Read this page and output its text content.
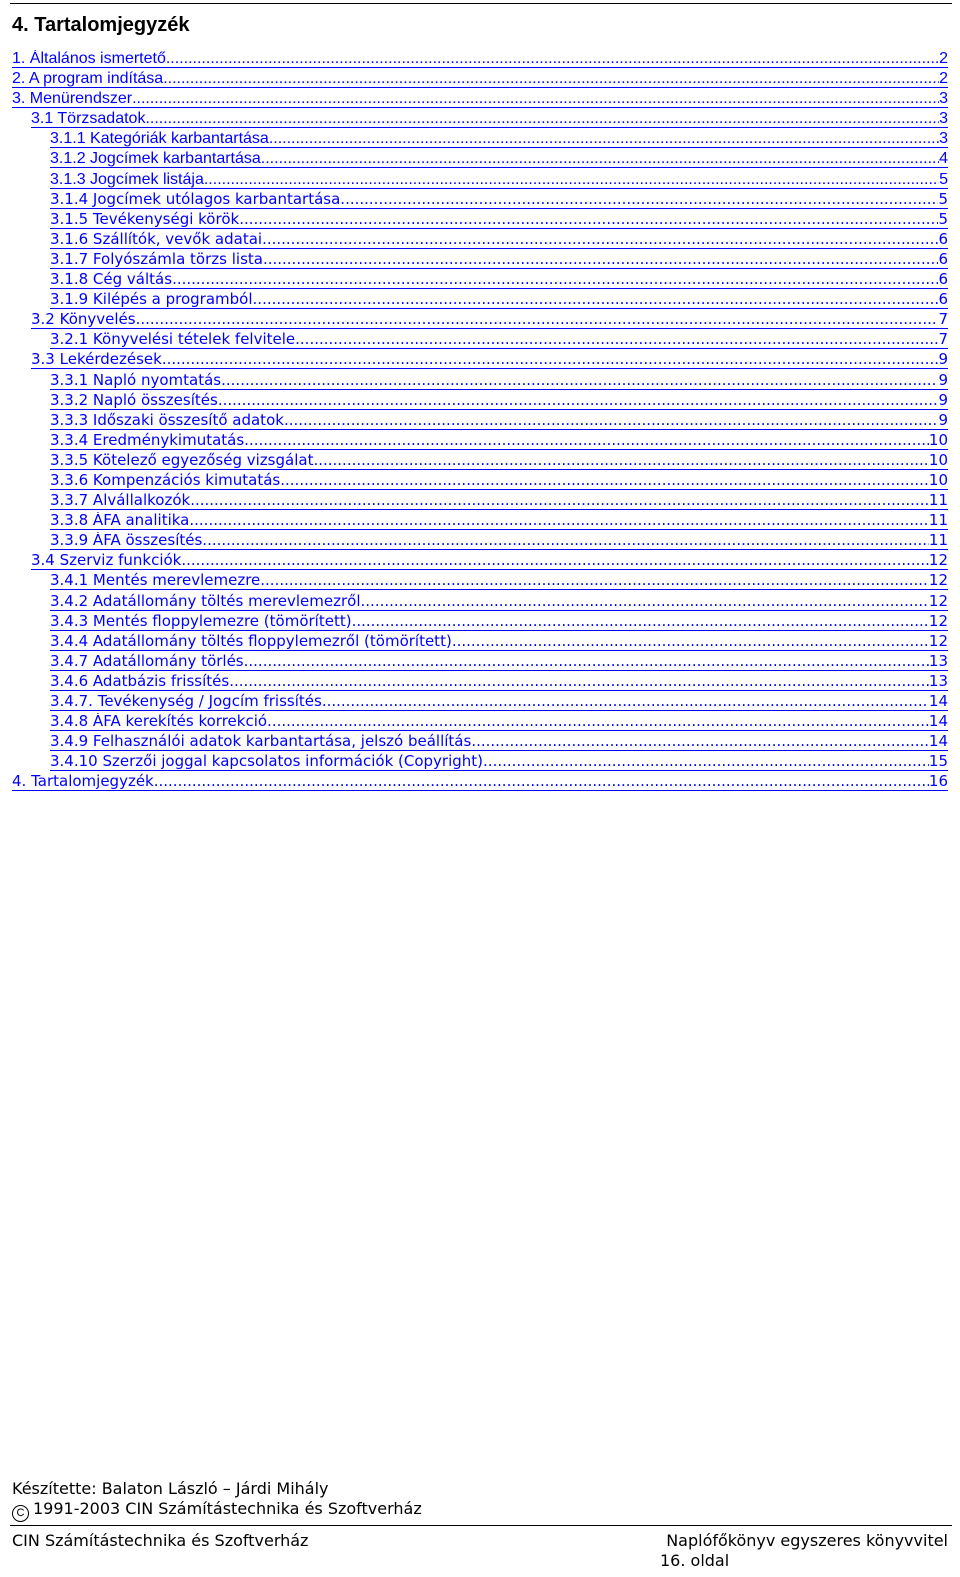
4. Tartalomjegyzék
1. Általános ismertető .....	2
2. A program indítása .....	2
3. Menürendszer .....	3
3.1 Törzsadatok .....	3
3.1.1 Kategóriák karbantartása .....	3
3.1.2 Jogcímek karbantartása .....	4
3.1.3 Jogcímek listája .....	5
3.1.4 Jogcímek utólagos karbantartása .....	5
3.1.5 Tevékenységi körök .....	5
3.1.6 Szállítók, vevők adatai .....	6
3.1.7 Folyószámla törzs lista .....	6
3.1.8 Cég váltás .....	6
3.1.9 Kilépés a programból .....	6
3.2 Könyvelés .....	7
3.2.1 Könyvelési tételek felvitele .....	7
3.3 Lekérdezések .....	9
3.3.1 Napló nyomtatás .....	9
3.3.2 Napló összesítés .....	9
3.3.3 Időszaki összesítő adatok .....	9
3.3.4 Eredménykimutatás .....	10
3.3.5 Kötelező egyezőség vizsgálat .....	10
3.3.6 Kompenzációs kimutatás .....	10
3.3.7 Alvállalkozók .....	11
3.3.8 ÁFA analitika .....	11
3.3.9 ÁFA összesítés .....	11
3.4 Szerviz funkciók .....	12
3.4.1 Mentés merevlemezre .....	12
3.4.2 Adatállomány töltés merevlemezről .....	12
3.4.3 Mentés floppylemezre (tömörített) .....	12
3.4.4 Adatállomány töltés floppylemezről (tömörített) .....	12
3.4.7 Adatállomány törlés .....	13
3.4.6 Adatbázis frissítés .....	13
3.4.7. Tevékenység / Jogcím frissítés .....	14
3.4.8 ÁFA kerekítés korrekció .....	14
3.4.9 Felhasználói adatok karbantartása, jelszó beállítás .....	14
3.4.10 Szerzői joggal kapcsolatos információk (Copyright) .....	15
4. Tartalomjegyzék .....	16
Készítette: Balaton László – Járdi Mihály
C 1991-2003 CIN Számítástechnika és Szoftverház
CIN Számítástechnika és Szoftverház	Naplófőkönyv egyszeres könyvvitel
16. oldal
